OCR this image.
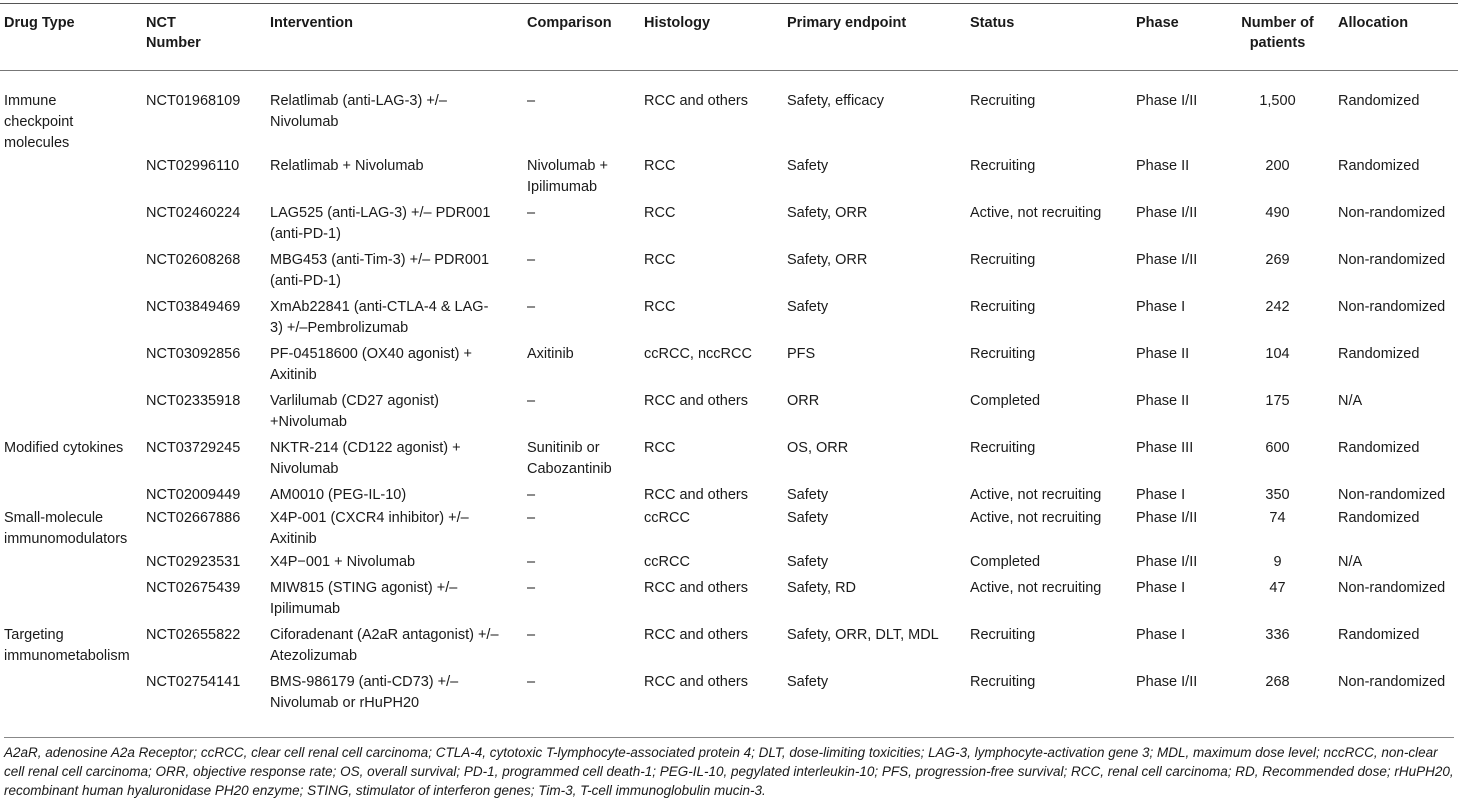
Drug Type	NCT Number	Intervention	Comparison	Histology	Primary endpoint	Status	Phase	Number of patients	Allocation
Immune checkpoint molecules	NCT01968109	Relatlimab (anti-LAG-3) +/– Nivolumab	–	RCC and others	Safety, efficacy	Recruiting	Phase I/II	1,500	Randomized
	NCT02996110	Relatlimab + Nivolumab	Nivolumab + Ipilimumab	RCC	Safety	Recruiting	Phase II	200	Randomized
	NCT02460224	LAG525 (anti-LAG-3) +/– PDR001 (anti-PD-1)	–	RCC	Safety, ORR	Active, not recruiting	Phase I/II	490	Non-randomized
	NCT02608268	MBG453 (anti-Tim-3) +/– PDR001 (anti-PD-1)	–	RCC	Safety, ORR	Recruiting	Phase I/II	269	Non-randomized
	NCT03849469	XmAb22841 (anti-CTLA-4 & LAG-3) +/–Pembrolizumab	–	RCC	Safety	Recruiting	Phase I	242	Non-randomized
	NCT03092856	PF-04518600 (OX40 agonist) + Axitinib	Axitinib	ccRCC, nccRCC	PFS	Recruiting	Phase II	104	Randomized
	NCT02335918	Varlilumab (CD27 agonist) +Nivolumab	–	RCC and others	ORR	Completed	Phase II	175	N/A
Modified cytokines	NCT03729245	NKTR-214 (CD122 agonist) + Nivolumab	Sunitinib or Cabozantinib	RCC	OS, ORR	Recruiting	Phase III	600	Randomized
	NCT02009449	AM0010 (PEG-IL-10)	–	RCC and others	Safety	Active, not recruiting	Phase I	350	Non-randomized
Small-molecule immunomodulators	NCT02667886	X4P-001 (CXCR4 inhibitor) +/– Axitinib	–	ccRCC	Safety	Active, not recruiting	Phase I/II	74	Randomized
	NCT02923531	X4P−001 + Nivolumab	–	ccRCC	Safety	Completed	Phase I/II	9	N/A
	NCT02675439	MIW815 (STING agonist) +/– Ipilimumab	–	RCC and others	Safety, RD	Active, not recruiting	Phase I	47	Non-randomized
Targeting immunometabolism	NCT02655822	Ciforadenant (A2aR antagonist) +/– Atezolizumab	–	RCC and others	Safety, ORR, DLT, MDL	Recruiting	Phase I	336	Randomized
	NCT02754141	BMS-986179 (anti-CD73) +/– Nivolumab or rHuPH20	–	RCC and others	Safety	Recruiting	Phase I/II	268	Non-randomized
A2aR, adenosine A2a Receptor; ccRCC, clear cell renal cell carcinoma; CTLA-4, cytotoxic T-lymphocyte-associated protein 4; DLT, dose-limiting toxicities; LAG-3, lymphocyte-activation gene 3; MDL, maximum dose level; nccRCC, non-clear cell renal cell carcinoma; ORR, objective response rate; OS, overall survival; PD-1, programmed cell death-1; PEG-IL-10, pegylated interleukin-10; PFS, progression-free survival; RCC, renal cell carcinoma; RD, Recommended dose; rHuPH20, recombinant human hyaluronidase PH20 enzyme; STING, stimulator of interferon genes; Tim-3, T-cell immunoglobulin mucin-3.
